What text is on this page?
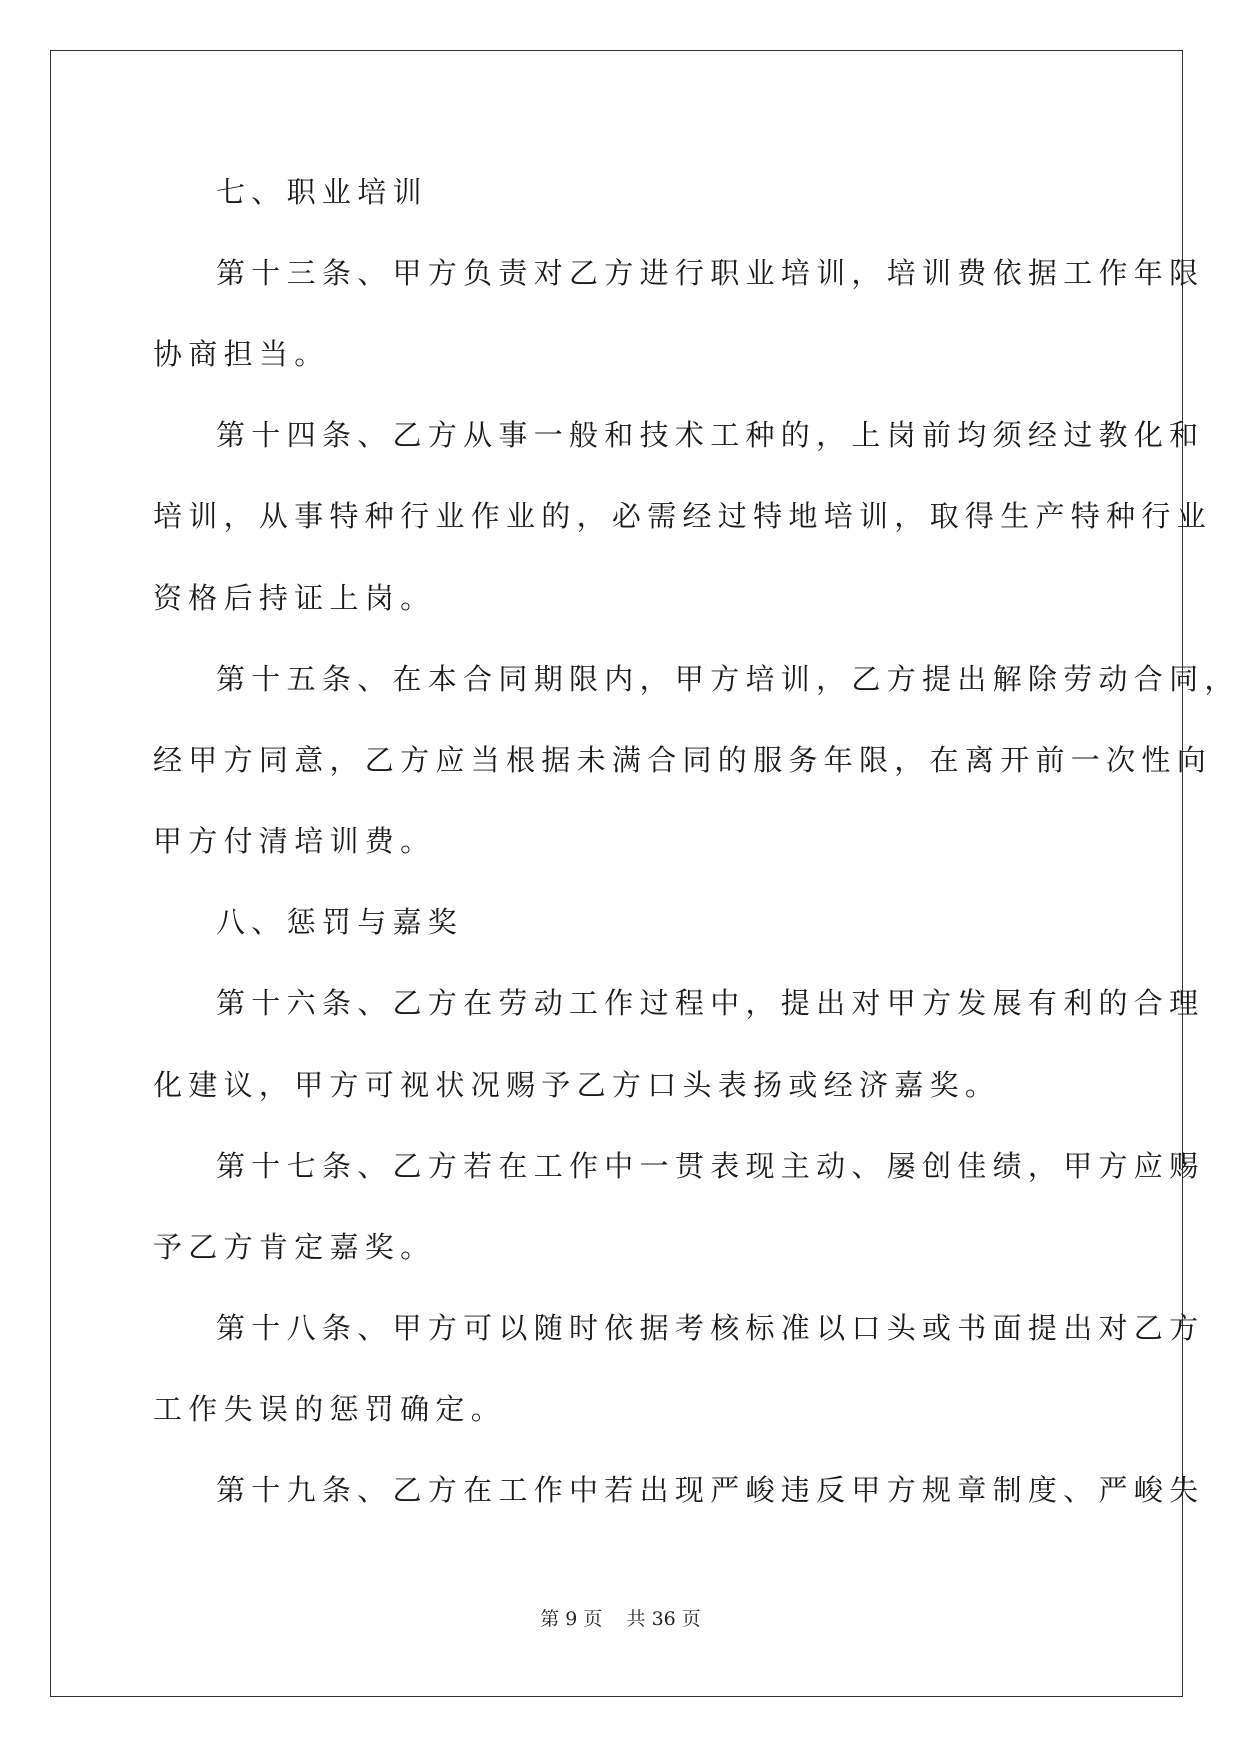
七、职业培训
第十三条、甲方负责对乙方进行职业培训，培训费依据工作年限
协商担当。
第十四条、乙方从事一般和技术工种的，上岗前均须经过教化和
培训，从事特种行业作业的，必需经过特地培训，取得生产特种行业
资格后持证上岗。
第十五条、在本合同期限内，甲方培训，乙方提出解除劳动合同，
经甲方同意，乙方应当根据未满合同的服务年限，在离开前一次性向
甲方付清培训费。
八、惩罚与嘉奖
第十六条、乙方在劳动工作过程中，提出对甲方发展有利的合理
化建议，甲方可视状况赐予乙方口头表扬或经济嘉奖。
第十七条、乙方若在工作中一贯表现主动、屡创佳绩，甲方应赐
予乙方肯定嘉奖。
第十八条、甲方可以随时依据考核标准以口头或书面提出对乙方
工作失误的惩罚确定。
第十九条、乙方在工作中若出现严峻违反甲方规章制度、严峻失
第 9 页    共 36 页
